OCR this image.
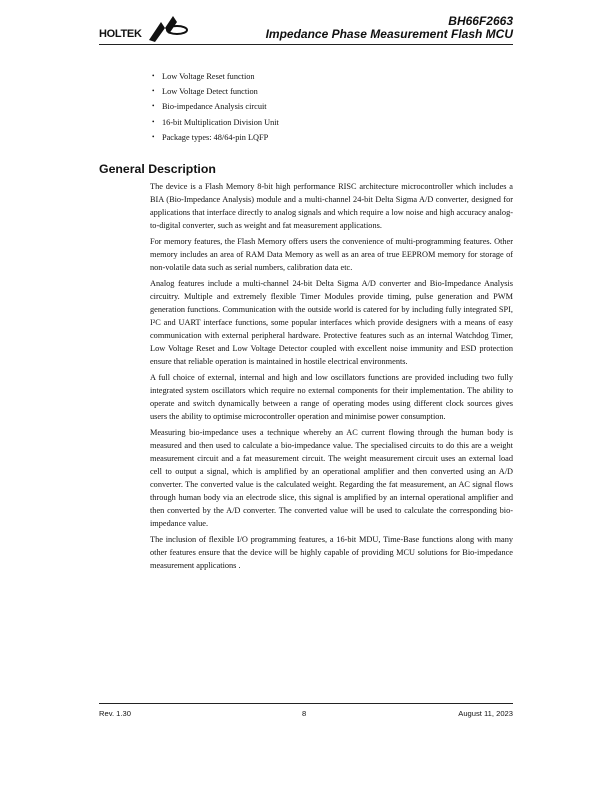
HOLTEK
BH66F2663
Impedance Phase Measurement Flash MCU
• Low Voltage Reset function
• Low Voltage Detect function
• Bio-impedance Analysis circuit
• 16-bit Multiplication Division Unit
• Package types: 48/64-pin LQFP
General Description

The device is a Flash Memory 8-bit high performance RISC architecture microcontroller which includes a BIA (Bio-Impedance Analysis) module and a multi-channel 24-bit Delta Sigma A/D converter, designed for applications that interface directly to analog signals and which require a low noise and high accuracy analog-to-digital converter, such as weight and fat measurement applications.

For memory features, the Flash Memory offers users the convenience of multi-programming features. Other memory includes an area of RAM Data Memory as well as an area of true EEPROM memory for storage of non-volatile data such as serial numbers, calibration data etc.

Analog features include a multi-channel 24-bit Delta Sigma A/D converter and Bio-Impedance Analysis circuitry. Multiple and extremely flexible Timer Modules provide timing, pulse generation and PWM generation functions. Communication with the outside world is catered for by including fully integrated SPI, I²C and UART interface functions, some popular interfaces which provide designers with a means of easy communication with external peripheral hardware. Protective features such as an internal Watchdog Timer, Low Voltage Reset and Low Voltage Detector coupled with excellent noise immunity and ESD protection ensure that reliable operation is maintained in hostile electrical environments.

A full choice of external, internal and high and low oscillators functions are provided including two fully integrated system oscillators which require no external components for their implementation. The ability to operate and switch dynamically between a range of operating modes using different clock sources gives users the ability to optimise microcontroller operation and minimise power consumption.

Measuring bio-impedance uses a technique whereby an AC current flowing through the human body is measured and then used to calculate a bio-impedance value. The specialised circuits to do this are a weight measurement circuit and a fat measurement circuit. The weight measurement circuit uses an external load cell to output a signal, which is amplified by an operational amplifier and then converted using an A/D converter. The converted value is the calculated weight. Regarding the fat measurement, an AC signal flows through human body via an electrode slice, this signal is amplified by an internal operational amplifier and then converted by the A/D converter. The converted value will be used to calculate the corresponding bio-impedance value.

The inclusion of flexible I/O programming features, a 16-bit MDU, Time-Base functions along with many other features ensure that the device will be highly capable of providing MCU solutions for Bio-impedance measurement applications .

Rev. 1.30	8	August 11, 2023
